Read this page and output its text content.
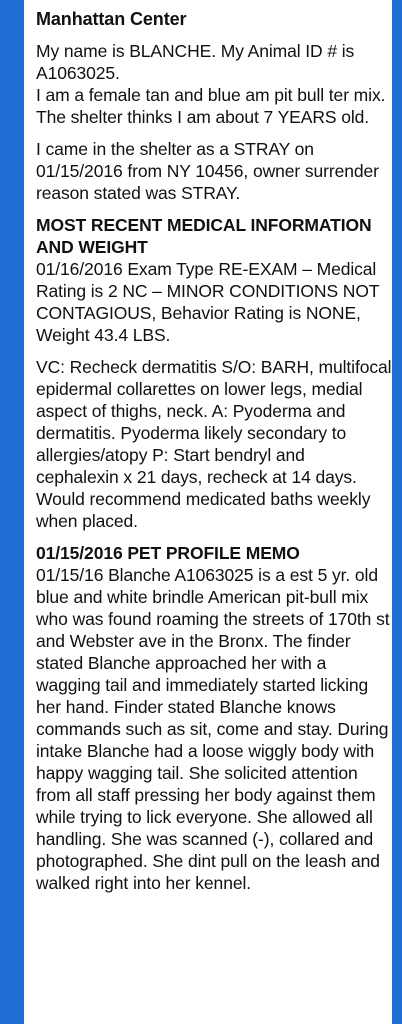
Manhattan Center
My name is BLANCHE. My Animal ID # is A1063025.
I am a female tan and blue am pit bull ter mix. The shelter thinks I am about 7 YEARS old.
I came in the shelter as a STRAY on 01/15/2016 from NY 10456, owner surrender reason stated was STRAY.
MOST RECENT MEDICAL INFORMATION AND WEIGHT
01/16/2016 Exam Type RE-EXAM – Medical Rating is 2 NC – MINOR CONDITIONS NOT CONTAGIOUS, Behavior Rating is NONE, Weight 43.4 LBS.
VC: Recheck dermatitis S/O: BARH, multifocal epidermal collarettes on lower legs, medial aspect of thighs, neck. A: Pyoderma and dermatitis. Pyoderma likely secondary to allergies/atopy P: Start bendryl and cephalexin x 21 days, recheck at 14 days. Would recommend medicated baths weekly when placed.
01/15/2016 PET PROFILE MEMO
01/15/16 Blanche A1063025 is a est 5 yr. old blue and white brindle American pit-bull mix who was found roaming the streets of 170th st and Webster ave in the Bronx. The finder stated Blanche approached her with a wagging tail and immediately started licking her hand. Finder stated Blanche knows commands such as sit, come and stay. During intake Blanche had a loose wiggly body with happy wagging tail. She solicited attention from all staff pressing her body against them while trying to lick everyone. She allowed all handling. She was scanned (-), collared and photographed. She dint pull on the leash and walked right into her kennel.
